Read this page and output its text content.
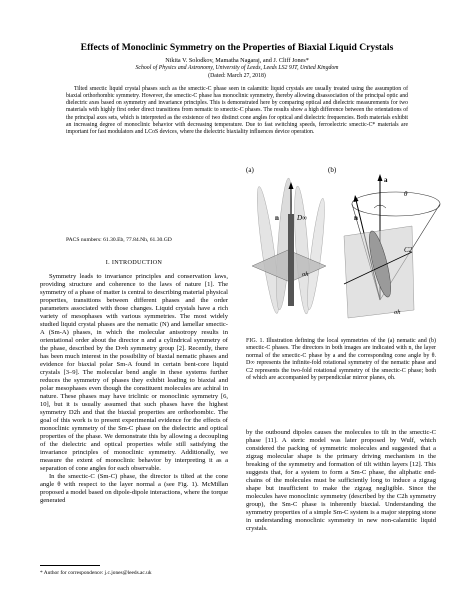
Effects of Monoclinic Symmetry on the Properties of Biaxial Liquid Crystals
Nikita V. Solodkov, Mamatha Nagaraj, and J. Cliff Jones*
School of Physics and Astronomy, University of Leeds, Leeds LS2 9JT, United Kingdom
(Dated: March 27, 2018)
Tilted smectic liquid crystal phases such as the smectic-C phase seen in calamitic liquid crystals are usually treated using the assumption of biaxial orthorhombic symmetry. However, the smectic-C phase has monoclinic symmetry, thereby allowing disassociation of the principal optic and dielectric axes based on symmetry and invariance principles. This is demonstrated here by comparing optical and dielectric measurements for two materials with highly first order direct transitions from nematic to smectic-C phases. The results show a high difference between the orientations of the principal axes sets, which is interpreted as the existence of two distinct cone angles for optical and dielectric frequencies. Both materials exhibit an increasing degree of monoclinic behavior with decreasing temperature. Due to fast switching speeds, ferroelectric smectic-C* materials are important for fast modulators and LCoS devices, where the dielectric biaxiality influences device operation.
PACS numbers: 61.30.Eb, 77.84.Nh, 61.30.GD
I. INTRODUCTION

Symmetry leads to invariance principles and conservation laws, providing structure and coherence to the laws of nature [1]. The symmetry of a phase of matter is central to describing material physical properties, transitions between different phases and the order parameters associated with those changes. Liquid crystals have a rich variety of mesophases with various symmetries. The most widely studied liquid crystal phases are the nematic (N) and lamellar smectic-A (Sm-A) phases, in which the molecular anisotropy results in orientational order about the director n and a cylindrical symmetry of the phase, described by the D∞h symmetry group [2]. Recently, there has been much interest in the possibility of biaxial nematic phases and evidence for biaxial polar Sm-A found in certain bent-core liquid crystals [3–9]. The molecular bend angle in these systems further reduces the symmetry of phases they exhibit leading to biaxial and polar mesophases even though the constituent molecules are achiral in nature. These phases may have triclinic or monoclinic symmetry [6, 10], but it is usually assumed that such phases have the highest symmetry D2h and that the biaxial properties are orthorhombic. The goal of this work is to present experimental evidence for the effects of monoclinic symmetry of the Sm-C phase on the dielectric and optical properties of the phase. We demonstrate this by allowing a decoupling of the dielectric and optical properties while still satisfying the invariance principles of monoclinic symmetry. Additionally, we measure the extent of monoclinic behavior by interpreting it as a separation of cone angles for each observable.

In the smectic-C (Sm-C) phase, the director is tilted at the cone angle θ with respect to the layer normal a (see Fig. 1). McMillan proposed a model based on dipole-dipole interactions, where the torque generated

(a)
n	D∞
σh
(b)
a
n
θ
C2
σh
FIG. 1. Illustration defining the local symmetries of the (a) nematic and (b) smectic-C phases. The directors in both images are indicated with n, the layer normal of the smectic-C phase by a and the corresponding cone angle by θ. D∞ represents the infinite-fold rotational symmetry of the nematic phase and C2 represents the two-fold rotational symmetry of the smectic-C phase; both of which are accompanied by perpendicular mirror planes, σh.

by the outbound dipoles causes the molecules to tilt in the smectic-C phase [11]. A steric model was later proposed by Wulf, which considered the packing of symmetric molecules and suggested that a zigzag molecular shape is the primary driving mechanism in the breaking of the symmetry and formation of tilt within layers [12]. This suggests that, for a system to form a Sm-C phase, the aliphatic end-chains of the molecules must be sufficiently long to induce a zigzag shape but insufficient to make the zigzag negligible. Since the molecules have monoclinic symmetry (described by the C2h symmetry group), the Sm-C phase is inherently biaxial. Understanding the symmetry properties of a simple Sm-C system is a major stepping stone in understanding monoclinic symmetry in new non-calamitic liquid crystals.

* Author for correspondence: j.c.jones@leeds.ac.uk
